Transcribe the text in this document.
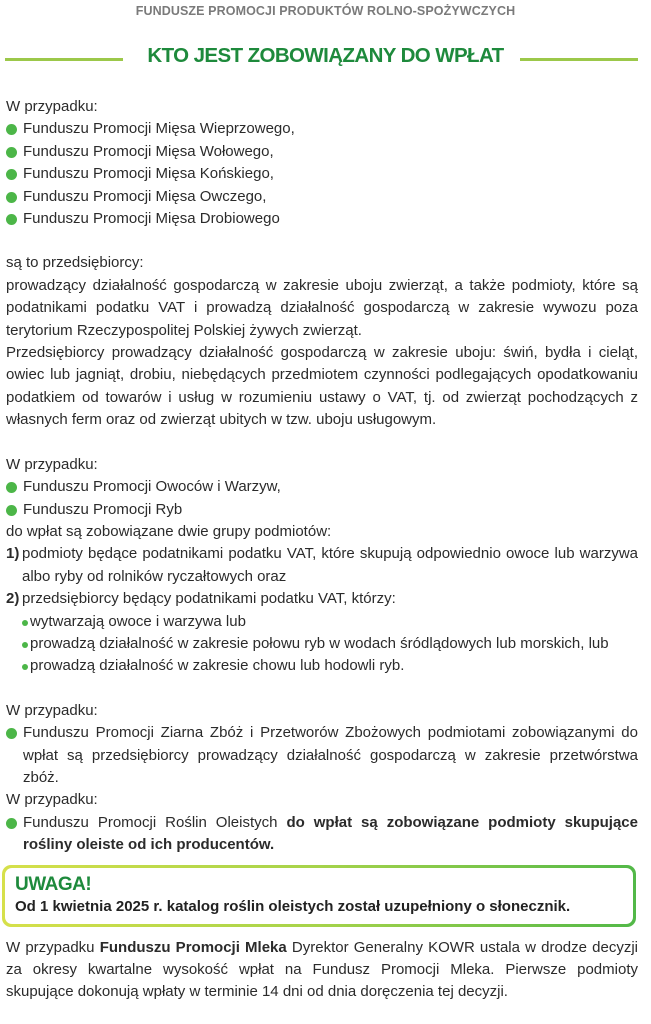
FUNDUSZE PROMOCJI PRODUKTÓW ROLNO-SPOŻYWCZYCH
KTO JEST ZOBOWIĄZANY DO WPŁAT

W przypadku:

Funduszu Promocji Mięsa Wieprzowego,
Funduszu Promocji Mięsa Wołowego,
Funduszu Promocji Mięsa Końskiego,
Funduszu Promocji Mięsa Owczego,
Funduszu Promocji Mięsa Drobiowego

są to przedsiębiorcy:

prowadzący działalność gospodarczą w zakresie uboju zwierząt, a także podmioty, które są podatnikami podatku VAT i prowadzą działalność gospodarczą w zakresie wywozu poza terytorium Rzeczypospolitej Polskiej żywych zwierząt.

Przedsiębiorcy prowadzący działalność gospodarczą w zakresie uboju: świń, bydła i cieląt, owiec lub jagniąt, drobiu, niebędących przedmiotem czynności podlegających opodatkowaniu podatkiem od towarów i usług w rozumieniu ustawy o VAT, tj. od zwierząt pochodzących z własnych ferm oraz od zwierząt ubitych w tzw. uboju usługowym.

W przypadku:

Funduszu Promocji Owoców i Warzyw,
Funduszu Promocji Ryb

do wpłat są zobowiązane dwie grupy podmiotów:

1) podmioty będące podatnikami podatku VAT, które skupują odpowiednio owoce lub warzywa albo ryby od rolników ryczałtowych oraz
2) przedsiębiorcy będący podatnikami podatku VAT, którzy:
wytwarzają owoce i warzywa lub
prowadzą działalność w zakresie połowu ryb w wodach śródlądowych lub morskich, lub
prowadzą działalność w zakresie chowu lub hodowli ryb.

W przypadku:

Funduszu Promocji Ziarna Zbóż i Przetworów Zbożowych podmiotami zobowiązanymi do wpłat są przedsiębiorcy prowadzący działalność gospodarczą w zakresie przetwórstwa zbóż.

W przypadku:

Funduszu Promocji Roślin Oleistych do wpłat są zobowiązane podmioty skupujące rośliny oleiste od ich producentów.
UWAGA!
Od 1 kwietnia 2025 r. katalog roślin oleistych został uzupełniony o słonecznik.

W przypadku Funduszu Promocji Mleka Dyrektor Generalny KOWR ustala w drodze decyzji za okresy kwartalne wysokość wpłat na Fundusz Promocji Mleka. Pierwsze podmioty skupujące dokonują wpłaty w terminie 14 dni od dnia doręczenia tej decyzji.
